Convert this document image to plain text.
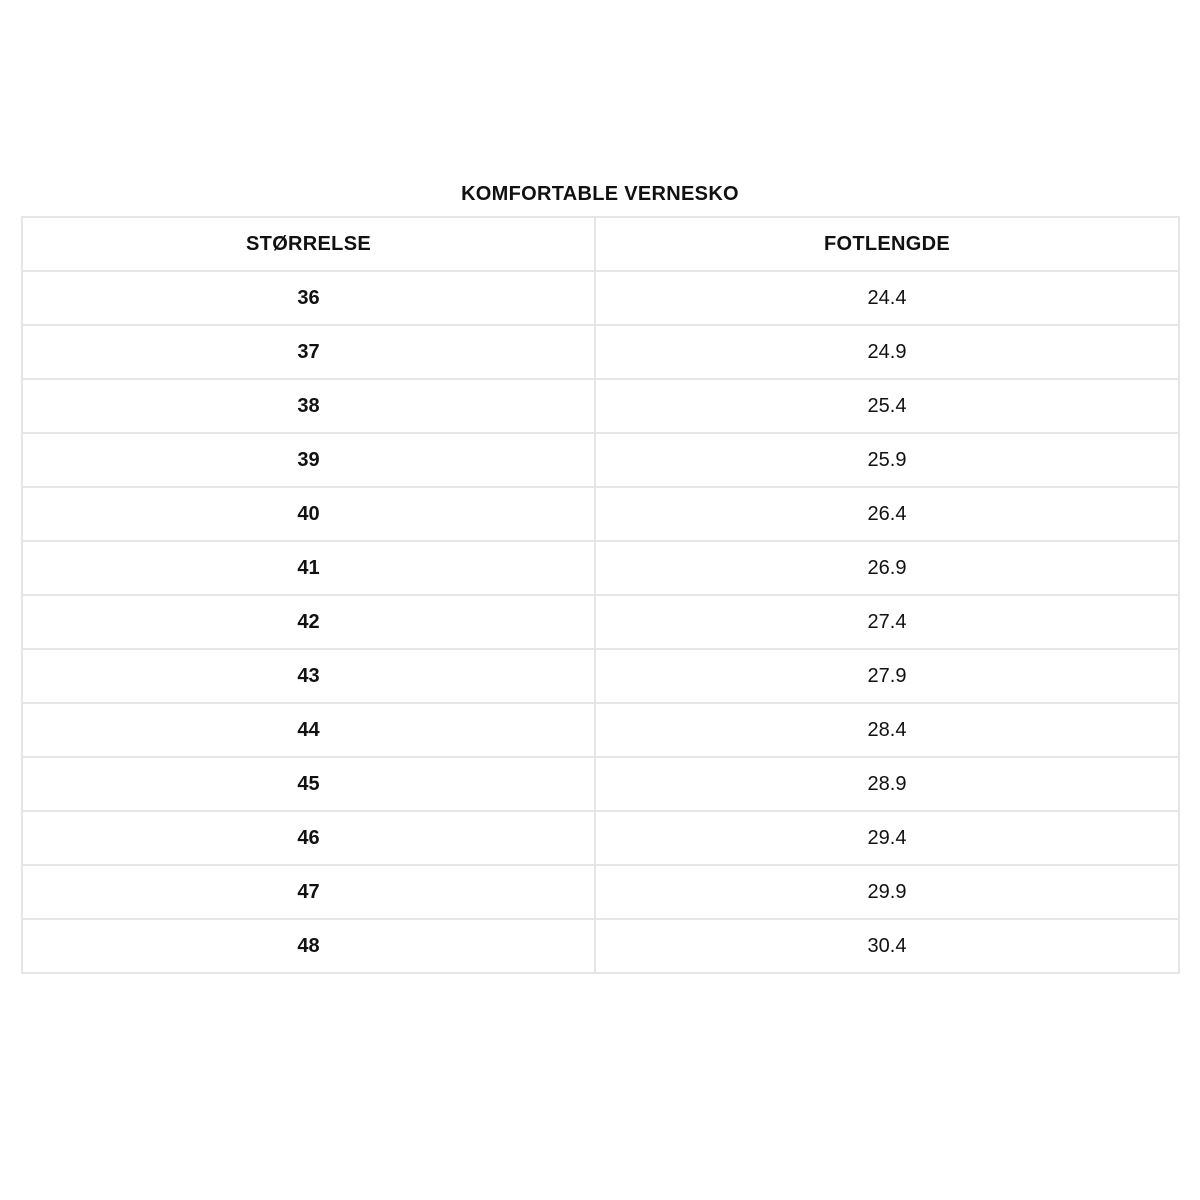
KOMFORTABLE VERNESKO
STØRRELSE	FOTLENGDE
36	24.4
37	24.9
38	25.4
39	25.9
40	26.4
41	26.9
42	27.4
43	27.9
44	28.4
45	28.9
46	29.4
47	29.9
48	30.4
